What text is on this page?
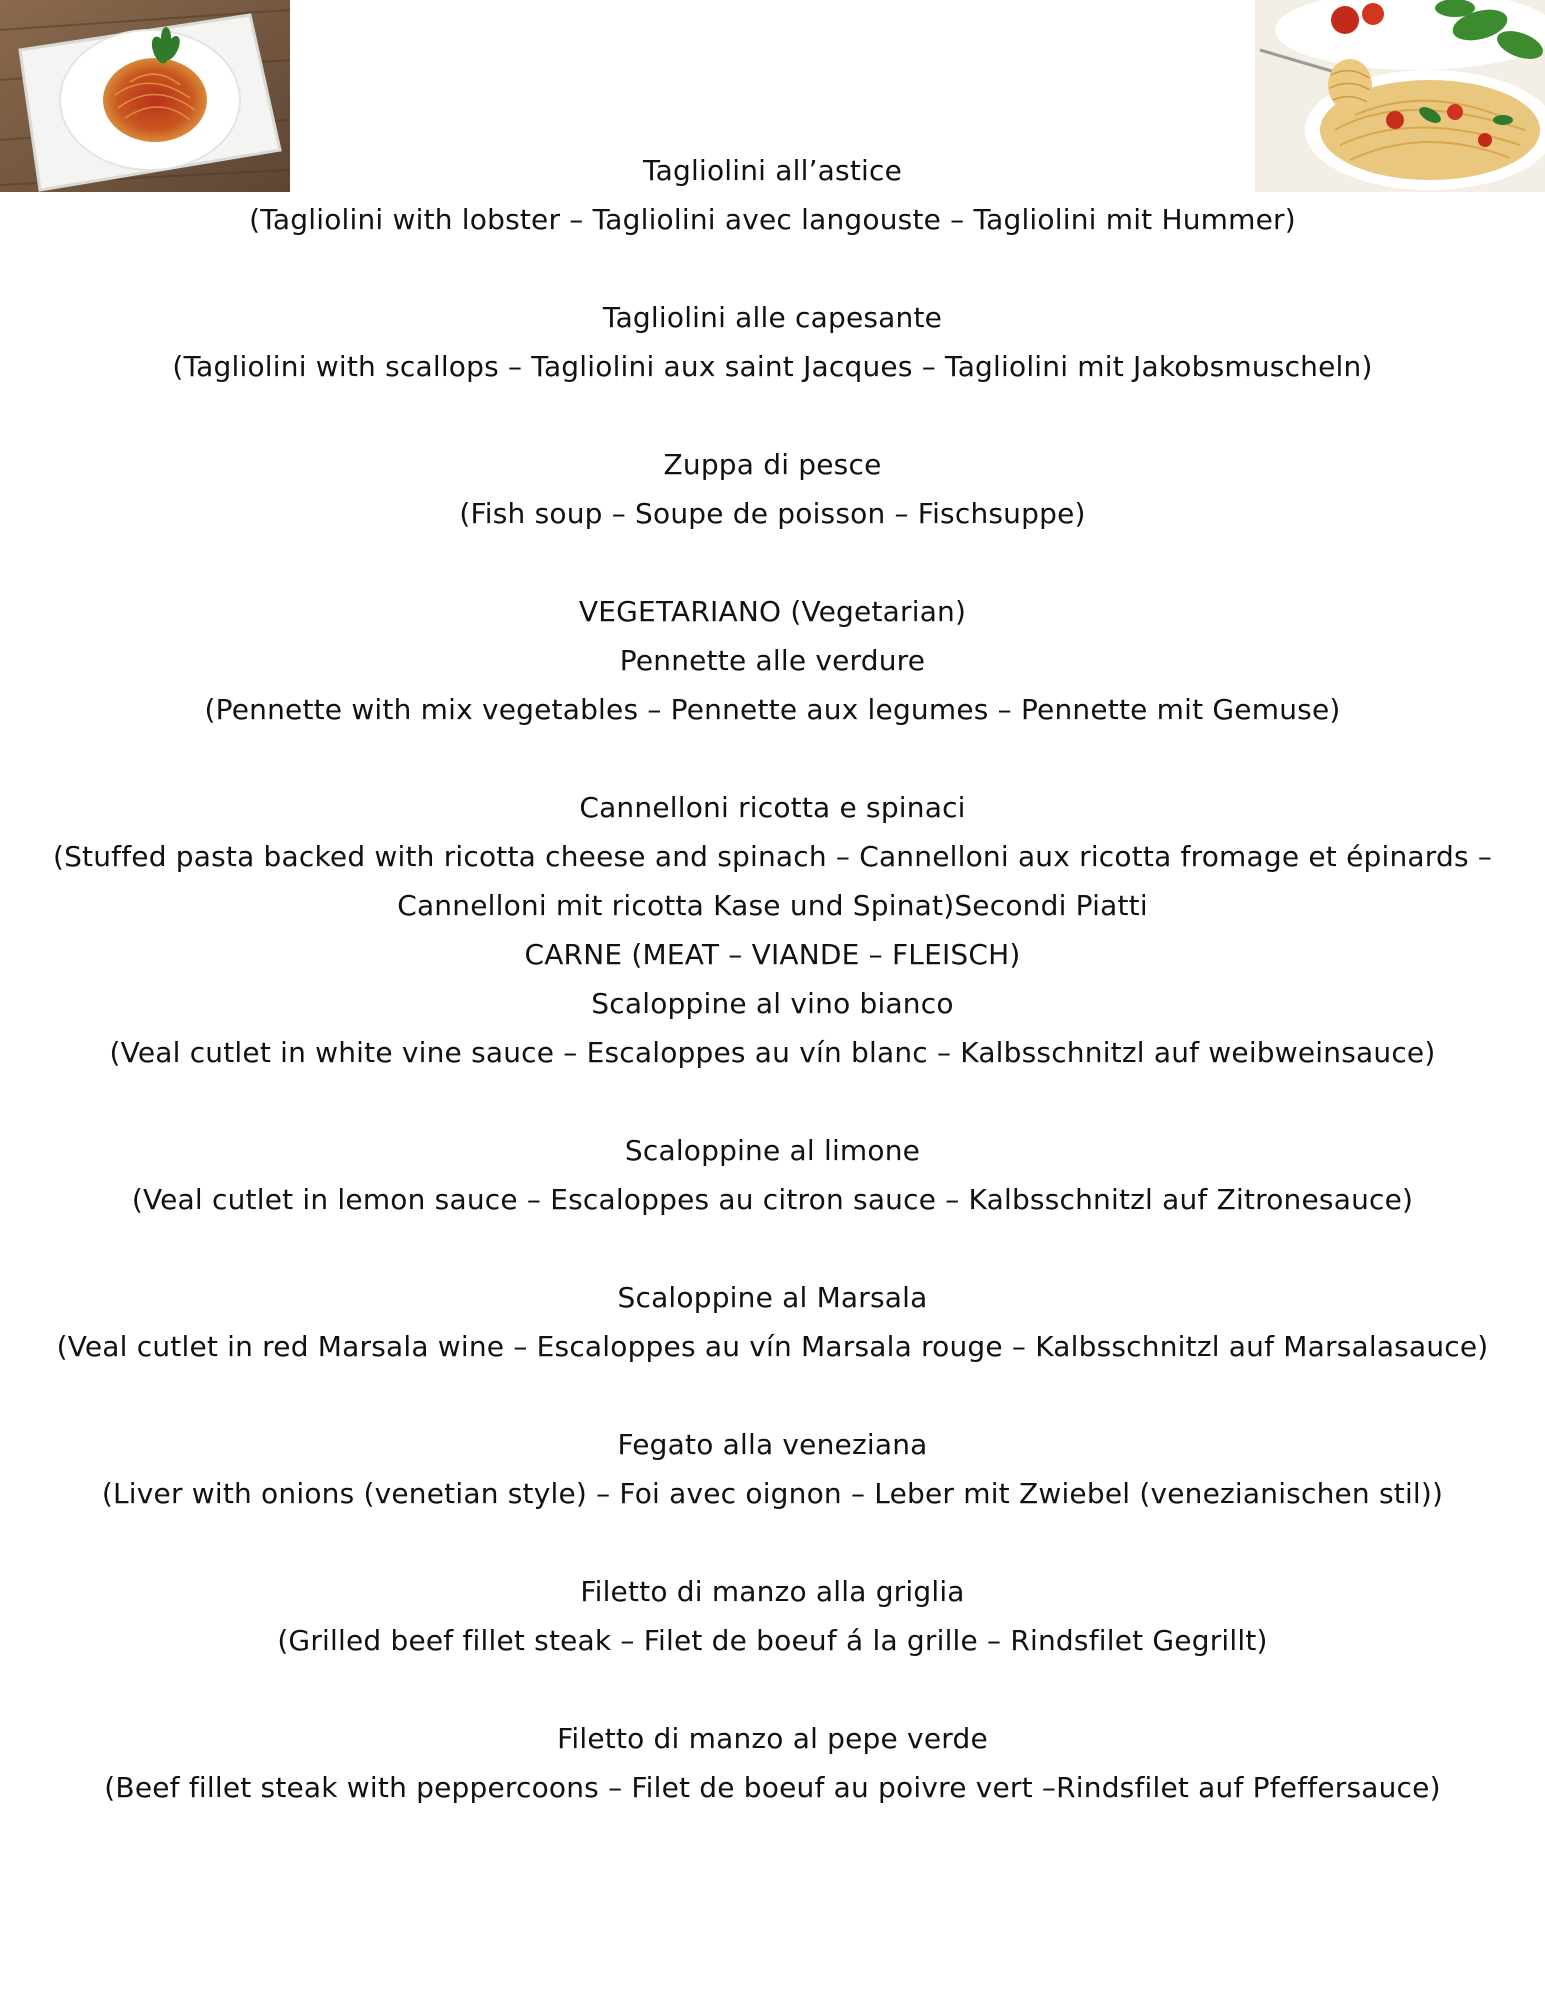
Tagliolini all’astice
(Tagliolini with lobster – Tagliolini avec langouste – Tagliolini mit Hummer)
Tagliolini alle capesante
(Tagliolini with scallops – Tagliolini aux saint Jacques – Tagliolini mit Jakobsmuscheln)
Zuppa di pesce
(Fish soup – Soupe de poisson – Fischsuppe)
VEGETARIANO (Vegetarian)
Pennette alle verdure
(Pennette with mix vegetables – Pennette aux legumes – Pennette mit Gemuse)
Cannelloni ricotta e spinaci
(Stuffed pasta backed with ricotta cheese and spinach – Cannelloni aux ricotta fromage et épinards –
Cannelloni mit ricotta Kase und Spinat)Secondi Piatti
CARNE (MEAT – VIANDE – FLEISCH)
Scaloppine al vino bianco
(Veal cutlet in white vine sauce – Escaloppes au vín blanc – Kalbsschnitzl auf weibweinsauce)
Scaloppine al limone
(Veal cutlet in lemon sauce – Escaloppes au citron sauce – Kalbsschnitzl auf Zitronesauce)
Scaloppine al Marsala
(Veal cutlet in red Marsala wine – Escaloppes au vín Marsala rouge – Kalbsschnitzl auf Marsalasauce)
Fegato alla veneziana
(Liver with onions (venetian style) – Foi avec oignon – Leber mit Zwiebel (venezianischen stil))
Filetto di manzo alla griglia
(Grilled beef fillet steak – Filet de boeuf á la grille – Rindsfilet Gegrillt)
Filetto di manzo al pepe verde
(Beef fillet steak with peppercoons – Filet de boeuf au poivre vert –Rindsfilet auf Pfeffersauce)
